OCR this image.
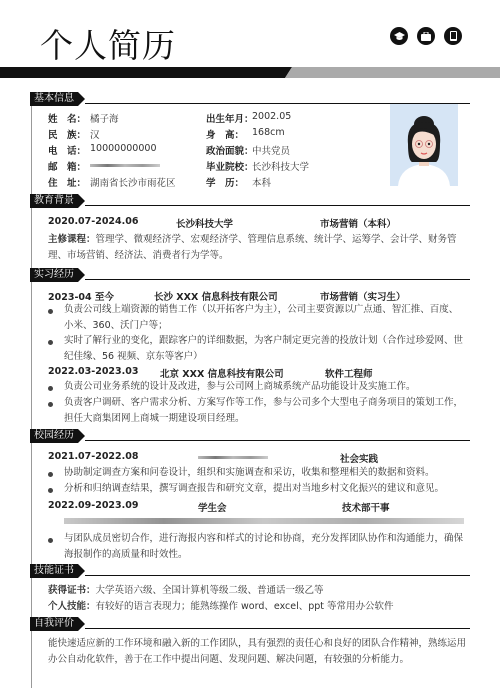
个人简历
基本信息
姓　名： 橘子海
民　族： 汉
电　话： 10000000000
邮　箱：
住　址： 湖南省长沙市雨花区
出生年月：
2002.05
身　高： 168cm
政治面貌：
中共党员
毕业院校：
长沙科技大学
学　历： 本科
教育背景
2020.07-2024.06	长沙科技大学	市场营销（本科）
主修课程：管理学、微观经济学、宏观经济学、管理信息系统、统计学、运筹学、会计学、财务管理、市场营销、经济法、消费者行为学等。
实习经历
2023-04 至今	长沙 XXX 信息科技有限公司	市场营销（实习生）
负责公司线上端资源的销售工作（以开拓客户为主），公司主要资源以广点通、智汇推、百度、小米、360、沃门户等；
实时了解行业的变化，跟踪客户的详细数据，为客户制定更完善的投放计划（合作过珍爱网、世纪佳缘、56 视频、京东等客户）
2022.03-2023.03 北京 XXX 信息科技有限公司	软件工程师
负责公司业务系统的设计及改进，参与公司网上商城系统产品功能设计及实施工作。
负责客户调研、客户需求分析、方案写作等工作，参与公司多个大型电子商务项目的策划工作，担任大商集团网上商城一期建设项目经理。
校园经历
2021.07-2022.08	社会实践
协助制定调查方案和问卷设计，组织和实施调查和采访，收集和整理相关的数据和资料。
分析和归纳调查结果，撰写调查报告和研究文章，提出对当地乡村文化振兴的建议和意见。
2022.09-2023.09	学生会	技术部干事
与团队成员密切合作，进行海报内容和样式的讨论和协商，充分发挥团队协作和沟通能力，确保海报制作的高质量和时效性。
技能证书
获得证书：大学英语六级、全国计算机等级二级、普通话一级乙等
个人技能：有较好的语言表现力；能熟练操作 word、excel、ppt 等常用办公软件
自我评价
能快速适应新的工作环境和融入新的工作团队，具有强烈的责任心和良好的团队合作精神，熟练运用办公自动化软件，善于在工作中提出问题、发现问题、解决问题，有较强的分析能力。
